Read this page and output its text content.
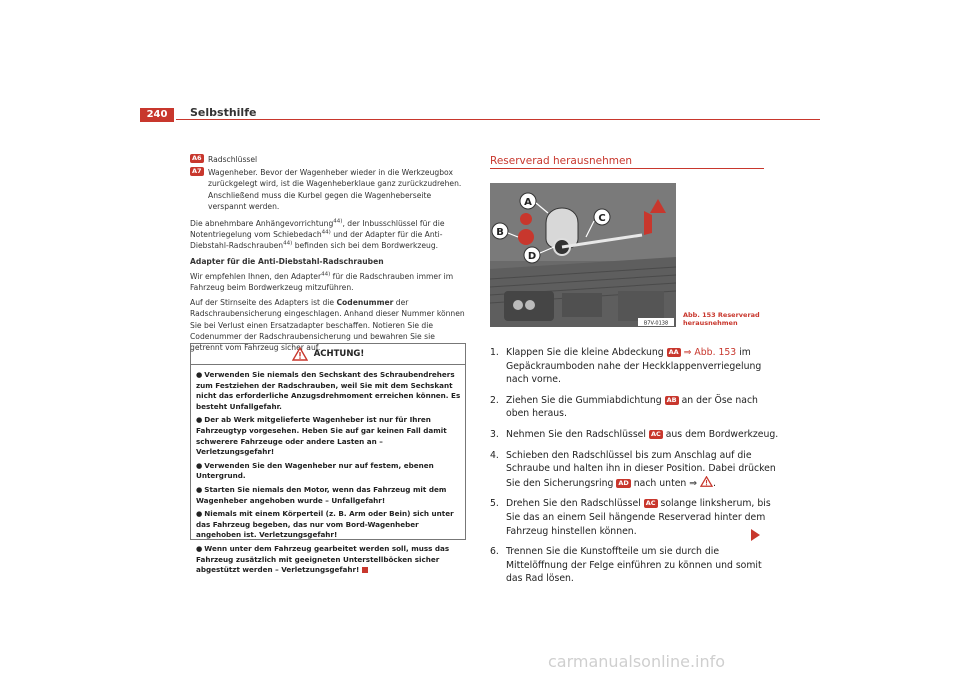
240	Selbsthilfe
A6 Radschlüssel
A7 Wagenheber. Bevor der Wagenheber wieder in die Werkzeugbox zurückgelegt wird, ist die Wagenheberklaue ganz zurückzudrehen. Anschließend muss die Kurbel gegen die Wagenheberseite verspannt werden.

Die abnehmbare Anhängevorrichtung$^{44)}$, der Inbusschlüssel für die Notentriegelung vom Schiebedach$^{44)}$ und der Adapter für die Anti-Diebstahl-Radschrauben$^{44)}$ befinden sich bei dem Bordwerkzeug.

Adapter für die Anti-Diebstahl-Radschrauben

Wir empfehlen Ihnen, den Adapter$^{44)}$ für die Radschrauben immer im Fahrzeug beim Bordwerkzeug mitzuführen.

Auf der Stirnseite des Adapters ist die Codenummer der Radschraubensicherung eingeschlagen. Anhand dieser Nummer können Sie bei Verlust einen Ersatzadapter beschaffen. Notieren Sie die Codenummer der Radschraubensicherung und bewahren Sie sie getrennt vom Fahrzeug sicher auf.

ACHTUNG!
● Verwenden Sie niemals den Sechskant des Schraubendrehers zum Festziehen der Radschrauben, weil Sie mit dem Sechskant nicht das erforderliche Anzugsdrehmoment erreichen können. Es besteht Unfallgefahr.
● Der ab Werk mitgelieferte Wagenheber ist nur für Ihren Fahrzeugtyp vorgesehen. Heben Sie auf gar keinen Fall damit schwerere Fahrzeuge oder andere Lasten an – Verletzungsgefahr!
● Verwenden Sie den Wagenheber nur auf festem, ebenen Untergrund.
● Starten Sie niemals den Motor, wenn das Fahrzeug mit dem Wagenheber angehoben wurde – Unfallgefahr!
● Niemals mit einem Körperteil (z. B. Arm oder Bein) sich unter das Fahrzeug begeben, das nur vom Bord-Wagenheber angehoben ist. Verletzungsgefahr!
● Wenn unter dem Fahrzeug gearbeitet werden soll, muss das Fahrzeug zusätzlich mit geeigneten Unterstellböcken sicher abgestützt werden – Verletzungsgefahr!
Reserverad herausnehmen
A
B
C
D
B7V-0138
Abb. 153 Reserverad
herausnehmen
1. Klappen Sie die kleine Abdeckung AA ⇒ Abb. 153 im Gepäckraumboden nahe der Heckklappenverriegelung nach vorne.
2. Ziehen Sie die Gummiabdichtung AB an der Öse nach oben heraus.
3. Nehmen Sie den Radschlüssel AC aus dem Bordwerkzeug.
4. Schieben den Radschlüssel bis zum Anschlag auf die Schraube und halten ihn in dieser Position. Dabei drücken Sie den Sicherungsring AD nach unten ⇒ .
5. Drehen Sie den Radschlüssel AC solange linksherum, bis Sie das an einem Seil hängende Reserverad hinter dem Fahrzeug hinstellen können.
6. Trennen Sie die Kunstoffteile um sie durch die Mittelöffnung der Felge einführen zu können und somit das Rad lösen.
carmanualsonline.info
